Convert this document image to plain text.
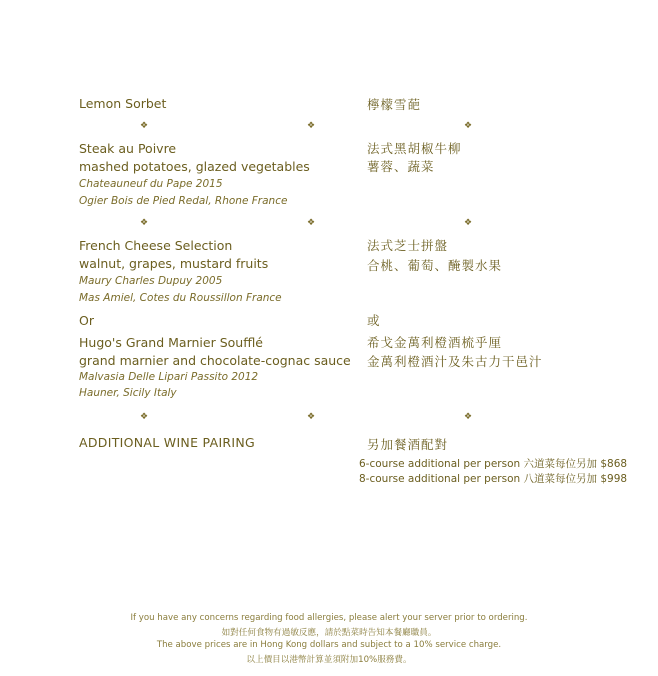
Lemon Sorbet	檸檬雪葩
❖	❖	❖
Steak au Poivre
mashed potatoes, glazed vegetables
Chateauneuf du Pape 2015
Ogier Bois de Pied Redal, Rhone France
法式黑胡椒牛柳
薯蓉、蔬菜
❖	❖	❖
French Cheese Selection
walnut, grapes, mustard fruits
Maury Charles Dupuy 2005
Mas Amiel, Cotes du Roussillon France
法式芝士拼盤
合桃、葡萄、醃製水果
Or	或
Hugo's Grand Marnier Soufflé
grand marnier and chocolate-cognac sauce
Malvasia Delle Lipari Passito 2012
Hauner, Sicily Italy
希戈金萬利橙酒梳乎厘
金萬利橙酒汁及朱古力干邑汁
❖	❖	❖
ADDITIONAL WINE PAIRING	另加餐酒配對
6-course additional per person 六道菜每位另加 $868
8-course additional per person 八道菜每位另加 $998
If you have any concerns regarding food allergies, please alert your server prior to ordering.
如對任何食物有過敏反應，請於點菜時告知本餐廳職員。
The above prices are in Hong Kong dollars and subject to a 10% service charge.
以上價目以港幣計算並須附加10%服務費。
